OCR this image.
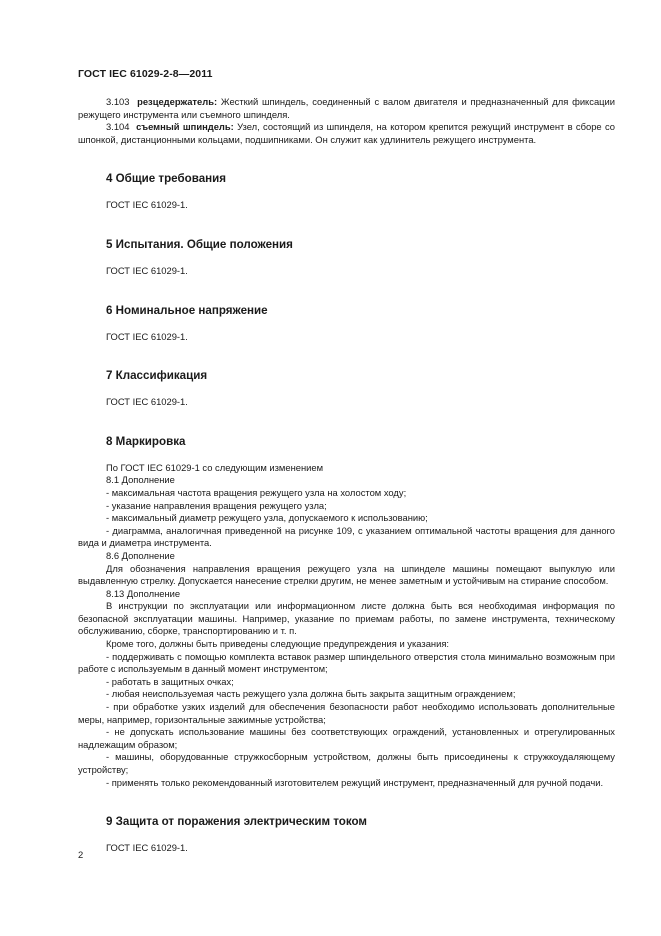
ГОСТ IEC 61029-2-8—2011

3.103 резцедержатель: Жесткий шпиндель, соединенный с валом двигателя и предназначенный для фиксации режущего инструмента или съемного шпинделя.

3.104 съемный шпиндель: Узел, состоящий из шпинделя, на котором крепится режущий инструмент в сборе со шпонкой, дистанционными кольцами, подшипниками. Он служит как удлинитель режущего инструмента.

4 Общие требования

ГОСТ IEC 61029-1.

5 Испытания. Общие положения

ГОСТ IEC 61029-1.

6 Номинальное напряжение

ГОСТ IEC 61029-1.

7 Классификация

ГОСТ IEC 61029-1.

8 Маркировка

По ГОСТ IEC 61029-1 со следующим изменением

8.1 Дополнение

- максимальная частота вращения режущего узла на холостом ходу;

- указание направления вращения режущего узла;

- максимальный диаметр режущего узла, допускаемого к использованию;

- диаграмма, аналогичная приведенной на рисунке 109, с указанием оптимальной частоты вращения для данного вида и диаметра инструмента.

8.6 Дополнение

Для обозначения направления вращения режущего узла на шпинделе машины помещают выпуклую или выдавленную стрелку. Допускается нанесение стрелки другим, не менее заметным и устойчивым на стирание способом.

8.13 Дополнение

В инструкции по эксплуатации или информационном листе должна быть вся необходимая информация по безопасной эксплуатации машины. Например, указание по приемам работы, по замене инструмента, техническому обслуживанию, сборке, транспортированию и т. п.

Кроме того, должны быть приведены следующие предупреждения и указания:

- поддерживать с помощью комплекта вставок размер шпиндельного отверстия стола минимально возможным при работе с используемым в данный момент инструментом;

- работать в защитных очках;

- любая неиспользуемая часть режущего узла должна быть закрыта защитным ограждением;

- при обработке узких изделий для обеспечения безопасности работ необходимо использовать дополнительные меры, например, горизонтальные зажимные устройства;

- не допускать использование машины без соответствующих ограждений, установленных и отрегулированных надлежащим образом;

- машины, оборудованные стружкосборным устройством, должны быть присоединены к стружкоудаляющему устройству;

- применять только рекомендованный изготовителем режущий инструмент, предназначенный для ручной подачи.

9 Защита от поражения электрическим током

ГОСТ IEC 61029-1.

2
